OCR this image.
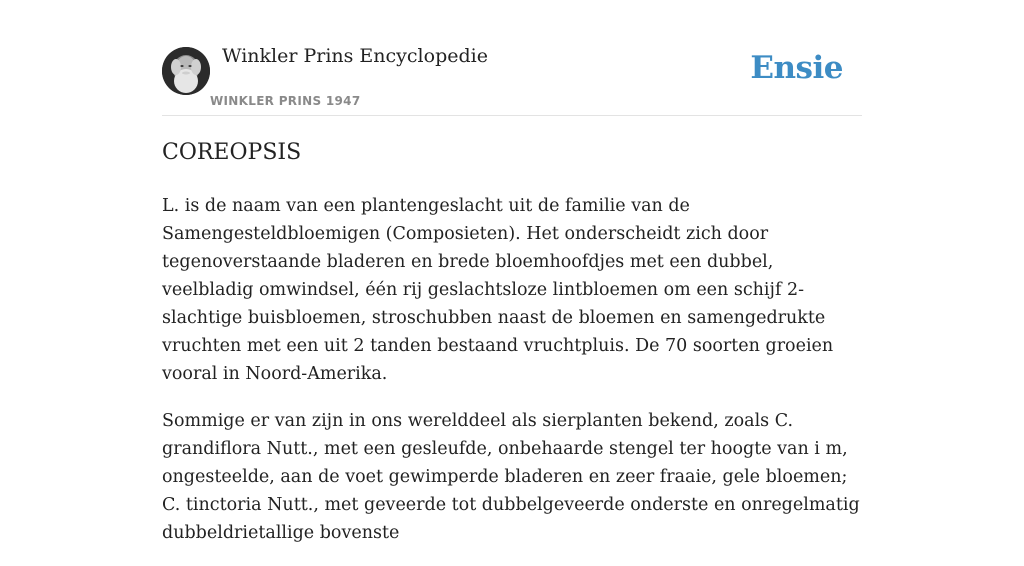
Winkler Prins Encyclopedie
WINKLER PRINS 1947
Ensie
COREOPSIS

L. is de naam van een plantengeslacht uit de familie van de Samengesteldbloemigen (Composieten). Het onderscheidt zich door tegenoverstaande bladeren en brede bloemhoofdjes met een dubbel, veelbladig omwindsel, één rij geslachtsloze lintbloemen om een schijf 2-slachtige buisbloemen, stroschubben naast de bloemen en samengedrukte vruchten met een uit 2 tanden bestaand vruchtpluis. De 70 soorten groeien vooral in Noord-Amerika.

Sommige er van zijn in ons werelddeel als sierplanten bekend, zoals C. grandiflora Nutt., met een gesleufde, onbehaarde stengel ter hoogte van i m, ongesteelde, aan de voet gewimperde bladeren en zeer fraaie, gele bloemen; C. tinctoria Nutt., met geveerde tot dubbelgeveerde onderste en onregelmatig dubbeldrietallige bovenste
